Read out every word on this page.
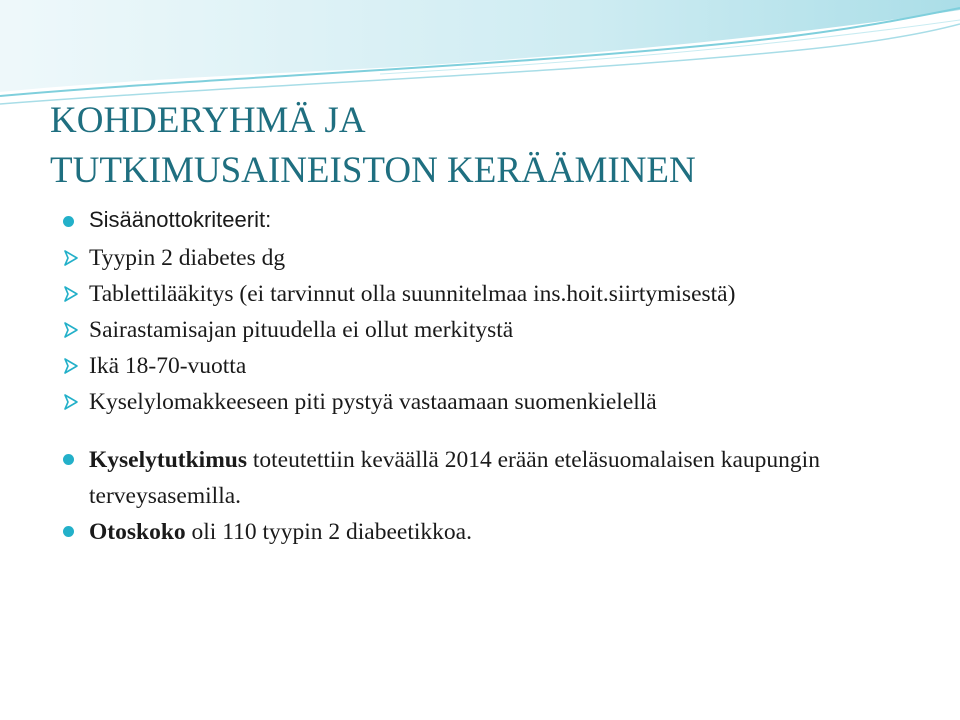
KOHDERYHMÄ JA
TUTKIMUSAINEISTON KERÄÄMINEN
Sisäänottokriteerit:
Tyypin 2 diabetes dg
Tablettilääkitys (ei tarvinnut olla suunnitelmaa ins.hoit.siirtymisestä)
Sairastamisajan pituudella ei ollut merkitystä
Ikä 18-70-vuotta
Kyselylomakkeeseen piti pystyä vastaamaan suomenkielellä
Kyselytutkimus toteutettiin keväällä 2014 erään eteläsuomalaisen kaupungin terveysasemilla.
Otoskoko oli 110 tyypin 2 diabeetikkoa.
